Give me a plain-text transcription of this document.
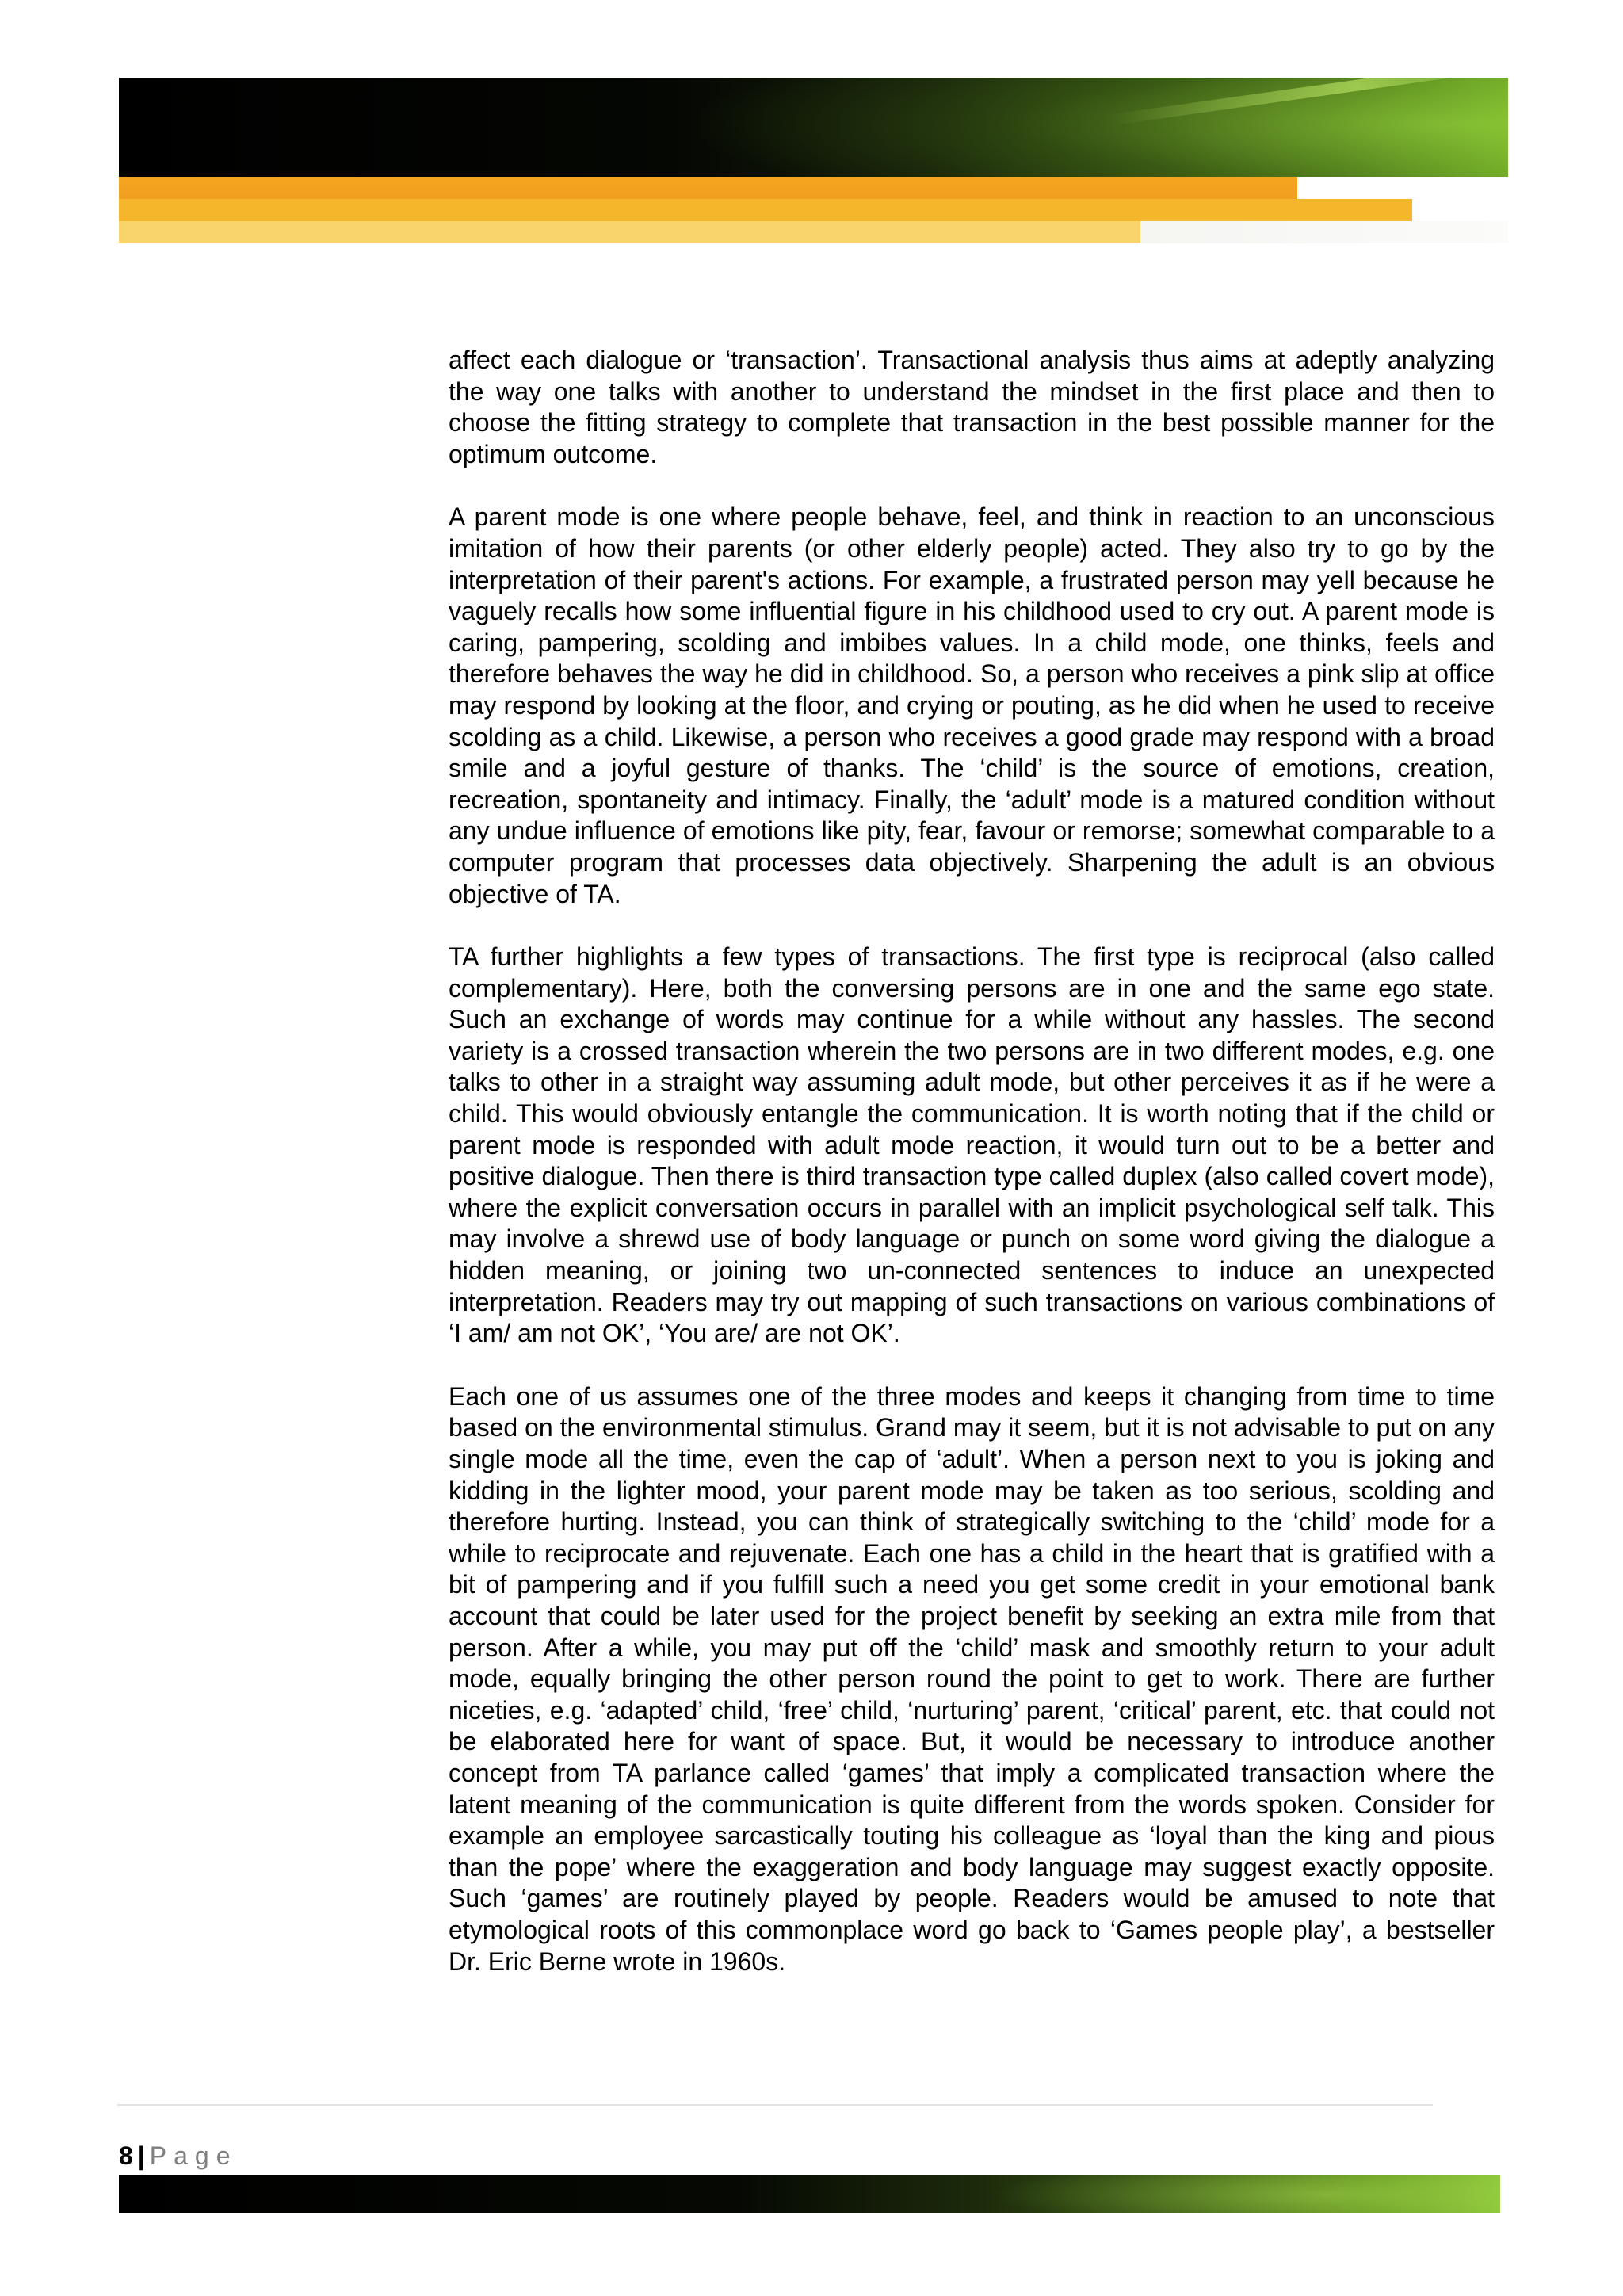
affect each dialogue or ‘transaction’. Transactional analysis thus aims at adeptly analyzing the way one talks with another to understand the mindset in the first place and then to choose the fitting strategy to complete that transaction in the best possible manner for the optimum outcome.

A parent mode is one where people behave, feel, and think in reaction to an unconscious imitation of how their parents (or other elderly people) acted. They also try to go by the interpretation of their parent's actions. For example, a frustrated person may yell because he vaguely recalls how some influential figure in his childhood used to cry out. A parent mode is caring, pampering, scolding and imbibes values. In a child mode, one thinks, feels and therefore behaves the way he did in childhood. So, a person who receives a pink slip at office may respond by looking at the floor, and crying or pouting, as he did when he used to receive scolding as a child. Likewise, a person who receives a good grade may respond with a broad smile and a joyful gesture of thanks. The ‘child’ is the source of emotions, creation, recreation, spontaneity and intimacy. Finally, the ‘adult’ mode is a matured condition without any undue influence of emotions like pity, fear, favour or remorse; somewhat comparable to a computer program that processes data objectively. Sharpening the adult is an obvious objective of TA.

TA further highlights a few types of transactions. The first type is reciprocal (also called complementary). Here, both the conversing persons are in one and the same ego state. Such an exchange of words may continue for a while without any hassles. The second variety is a crossed transaction wherein the two persons are in two different modes, e.g. one talks to other in a straight way assuming adult mode, but other perceives it as if he were a child. This would obviously entangle the communication. It is worth noting that if the child or parent mode is responded with adult mode reaction, it would turn out to be a better and positive dialogue. Then there is third transaction type called duplex (also called covert mode), where the explicit conversation occurs in parallel with an implicit psychological self talk. This may involve a shrewd use of body language or punch on some word giving the dialogue a hidden meaning, or joining two un-connected sentences to induce an unexpected interpretation. Readers may try out mapping of such transactions on various combinations of ‘I am/ am not OK’, ‘You are/ are not OK’.

Each one of us assumes one of the three modes and keeps it changing from time to time based on the environmental stimulus. Grand may it seem, but it is not advisable to put on any single mode all the time, even the cap of ‘adult’. When a person next to you is joking and kidding in the lighter mood, your parent mode may be taken as too serious, scolding and therefore hurting. Instead, you can think of strategically switching to the ‘child’ mode for a while to reciprocate and rejuvenate. Each one has a child in the heart that is gratified with a bit of pampering and if you fulfill such a need you get some credit in your emotional bank account that could be later used for the project benefit by seeking an extra mile from that person. After a while, you may put off the ‘child’ mask and smoothly return to your adult mode, equally bringing the other person round the point to get to work. There are further niceties, e.g. ‘adapted’ child, ‘free’ child, ‘nurturing’ parent, ‘critical’ parent, etc. that could not be elaborated here for want of space. But, it would be necessary to introduce another concept from TA parlance called ‘games’ that imply a complicated transaction where the latent meaning of the communication is quite different from the words spoken. Consider for example an employee sarcastically touting his colleague as ‘loyal than the king and pious than the pope’ where the exaggeration and body language may suggest exactly opposite. Such ‘games’ are routinely played by people. Readers would be amused to note that etymological roots of this commonplace word go back to ‘Games people play’, a bestseller Dr. Eric Berne wrote in 1960s.

8 | Page
